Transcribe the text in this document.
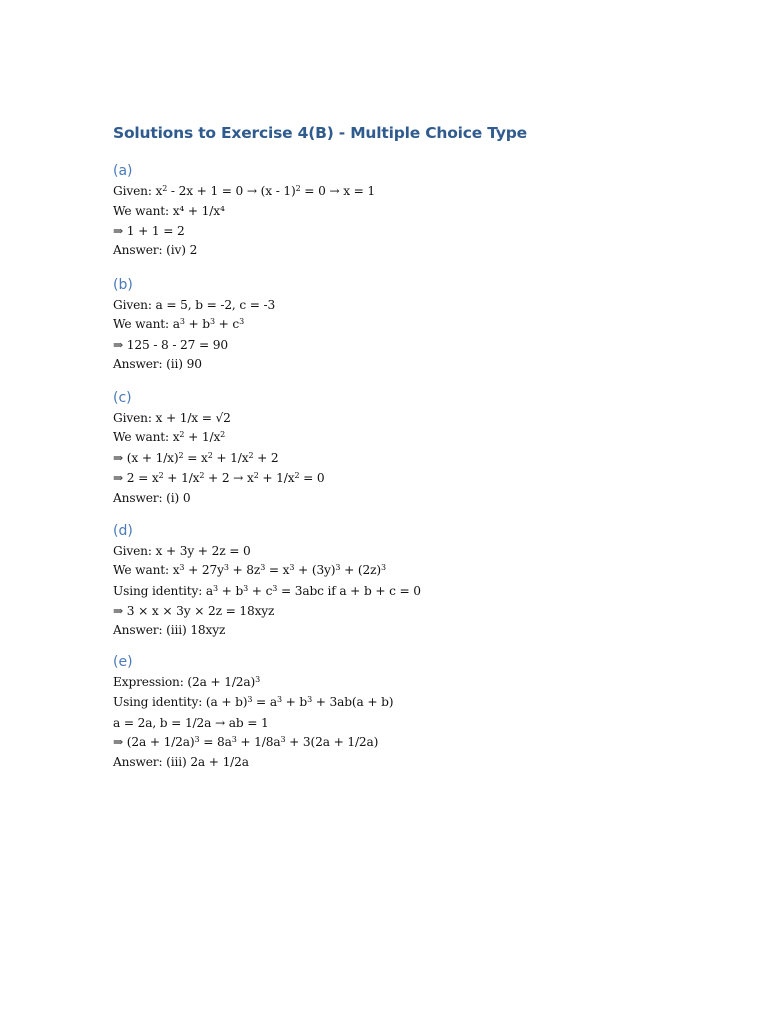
Solutions to Exercise 4(B) - Multiple Choice Type
(a)
Given: $x^2 - 2x + 1 = 0 \to (x - 1)^2 = 0 \to x = 1$
We want: x⁴ + 1/x⁴
⇒ 1 + 1 = 2
Answer: (iv) 2
(b)
Given: a = 5, b = -2, c = -3
We want: $a^3 + b^3 + c^3$
⇒ 125 - 8 - 27 = 90
Answer: (ii) 90
(c)
Given: x + 1/x = √2
We want: $x^2 + 1/x^2$
⇒ $(x + 1/x)^2 = x^2 + 1/x^2 + 2$
⇒ $2 = x^2 + 1/x^2 + 2 \to x^2 + 1/x^2 = 0$
Answer: (i) 0
(d)
Given: x + 3y + 2z = 0
We want: $x^3 + 27y^3 + 8z^3 = x^3 + (3y)^3 + (2z)^3$
Using identity: $a^3 + b^3 + c^3 = 3abc$ if a + b + c = 0
⇒ 3 × x × 3y × 2z = 18xyz
Answer: (iii) 18xyz
(e)
Expression: $(2a + 1/2a)^3$
Using identity: $(a + b)^3 = a^3 + b^3 + 3ab(a + b)$
a = 2a, b = 1/2a → ab = 1
⇒ $(2a + 1/2a)^3 = 8a^3 + 1/8a^3 + 3(2a + 1/2a)$
Answer: (iii) 2a + 1/2a
